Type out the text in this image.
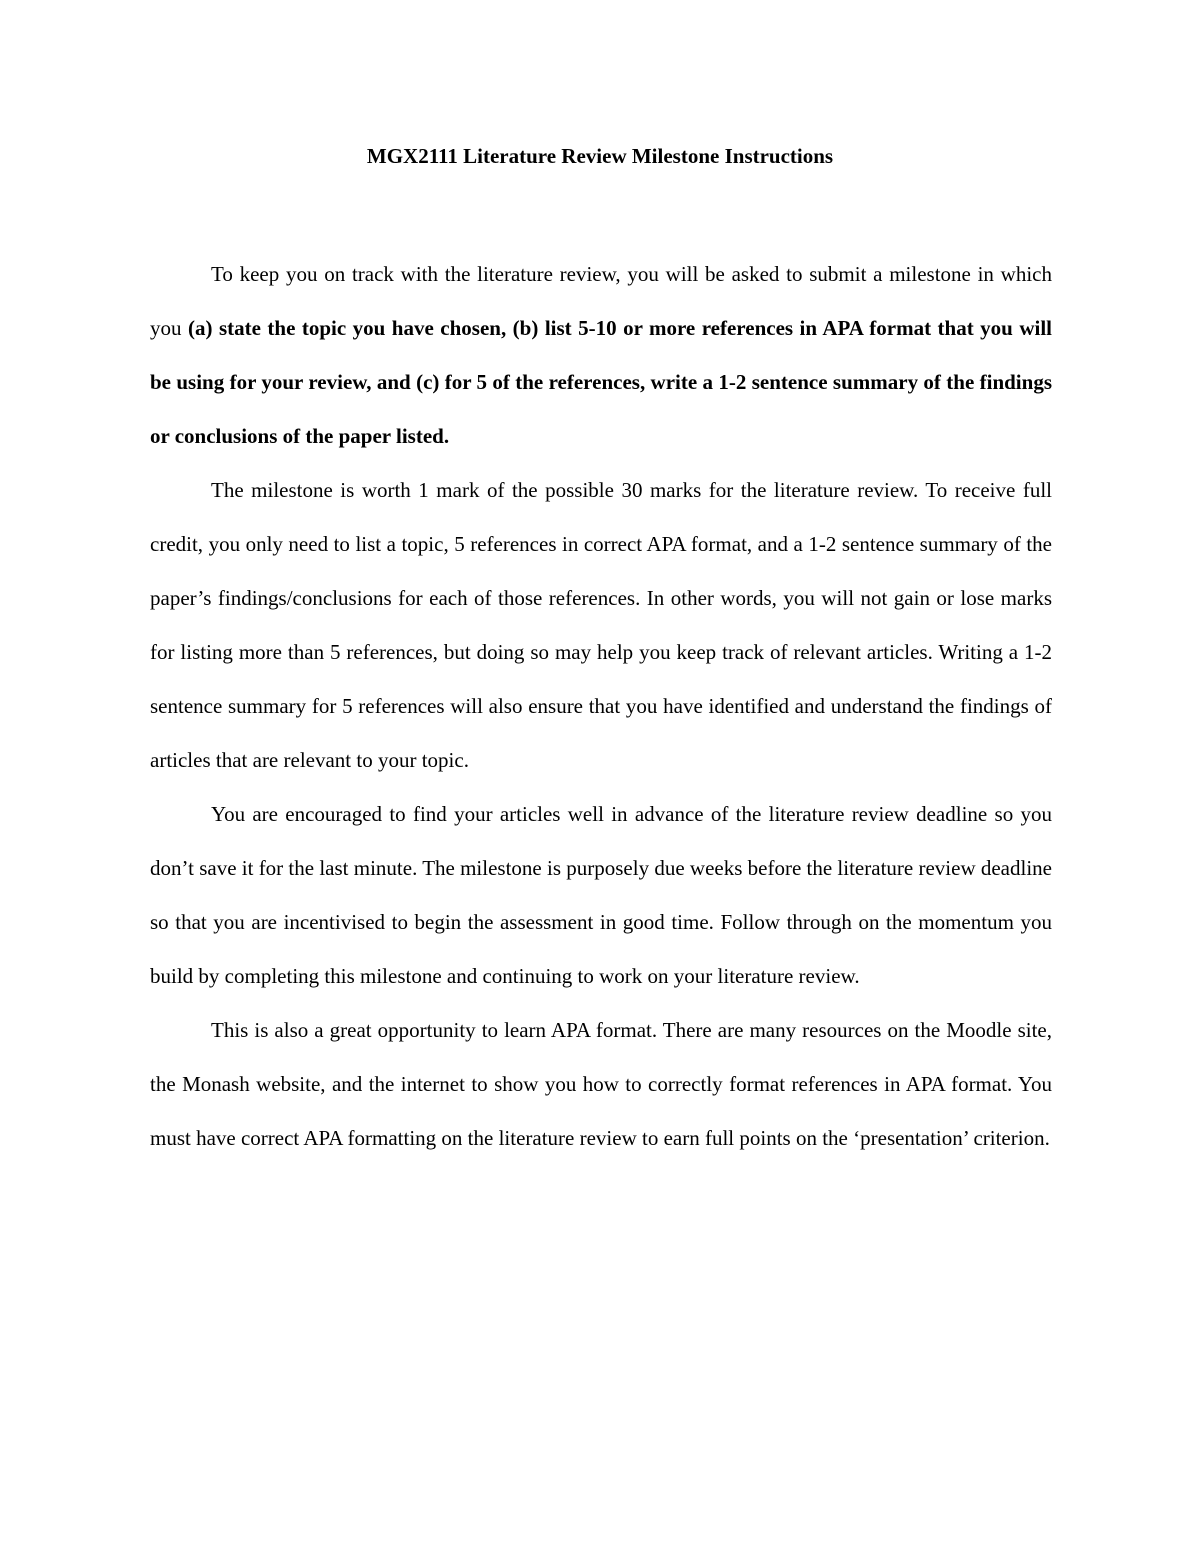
MGX2111 Literature Review Milestone Instructions

To keep you on track with the literature review, you will be asked to submit a milestone in which you (a) state the topic you have chosen, (b) list 5-10 or more references in APA format that you will be using for your review, and (c) for 5 of the references, write a 1-2 sentence summary of the findings or conclusions of the paper listed.

The milestone is worth 1 mark of the possible 30 marks for the literature review. To receive full credit, you only need to list a topic, 5 references in correct APA format, and a 1-2 sentence summary of the paper’s findings/conclusions for each of those references. In other words, you will not gain or lose marks for listing more than 5 references, but doing so may help you keep track of relevant articles. Writing a 1-2 sentence summary for 5 references will also ensure that you have identified and understand the findings of articles that are relevant to your topic.

You are encouraged to find your articles well in advance of the literature review deadline so you don’t save it for the last minute. The milestone is purposely due weeks before the literature review deadline so that you are incentivised to begin the assessment in good time. Follow through on the momentum you build by completing this milestone and continuing to work on your literature review.

This is also a great opportunity to learn APA format. There are many resources on the Moodle site, the Monash website, and the internet to show you how to correctly format references in APA format. You must have correct APA formatting on the literature review to earn full points on the ‘presentation’ criterion.
